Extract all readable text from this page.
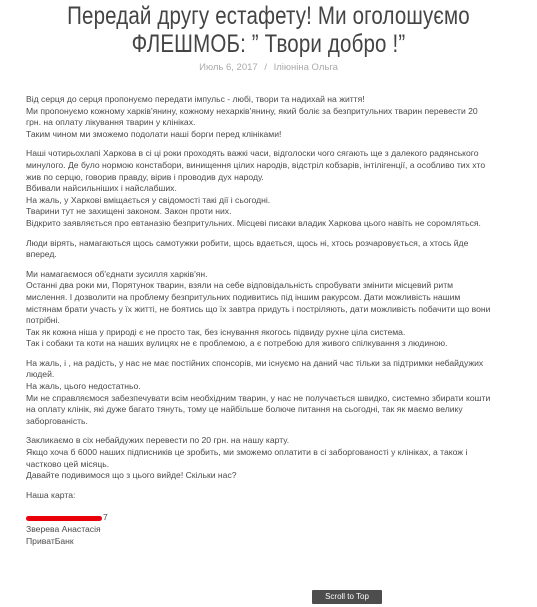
Передай другу естафету! Ми оголошуємо ФЛЕШМОБ: ” Твори добро !”
Июль 6, 2017 / Іліюніна Ольга

Від серця до серця пропонуємо передати імпульс - любі, твори та надихай на життя!
Ми пропонуємо кожному харків'янину, кожному нехарків'янину, який боліє за безпритульних тварин перевести 20
грн. на оплату лікування тварин у клініках.
Таким чином ми зможемо подолати наші борги перед клініками!

Наші чотирьохлапі Харкова в сі ці роки проходять важкі часи, відголоски чого сягають ще з далекого радянського
минулого. Де було нормою констабори, винищення цілих народів, відстріл кобзарів, інтілігенції, а особливо тих хто
жив по серцю, говорив правду, вірив і проводив дух народу.
Вбивали найсильніших і найслабших.
На жаль, у Харкові вміщається у свідомості такі дії і сьогодні.
Тварини тут не захищені законом. Закон проти них.
Відкрито заявляється про евтаназію безпритульних. Місцеві писаки владик Харкова цього навіть не соромляться.

Люди вірять, намагаються щось самотужки робити, щось вдається, щось ні, хтось розчаровується, а хтось йде
вперед.

Ми намагаємося об'єднати зусилля харків'ян.
Останні два роки ми, Порятунок тварин, взяли на себе відповідальність спробувати змінити місцевий ритм
мислення. І дозволити на проблему безпритульних подивитись під іншим ракурсом. Дати можливість нашим
містянам брати участь у їх житті, не боятись що їх завтра придуть і постріляють, дати можливість побачити що вони
потрібні.
Так як кожна ніша у природі є не просто так, без існування якогось підвиду рухне ціла система.
Так і собаки та коти на наших вулицях не є проблемою, а є потребою для живого спілкування з людиною.

На жаль, і , на радість, у нас не має постійних спонсорів, ми існуємо на даний час тільки за підтримки небайдужих
людей.
На жаль, цього недостатньо.
Ми не справляємося забезпечувати всім необхідним тварин, у нас не получається швидко, системно збирати кошти
на оплату клінік, які дуже багато тянуть, тому це найбільше болюче питання на сьогодні, так як маємо велику
заборгованість.

Закликаємо в сіх небайдужих перевести по 20 грн. на нашу карту.
Якщо хоча б 6000 наших підписників це зробить, ми зможемо оплатити в сі заборгованості у клініках, а також і
частково цей місяць.
Давайте подивимося що з цього вийде! Скільки нас?

Наша карта:
7
Зверева Анастасія
ПриватБанк
Scroll to Top
